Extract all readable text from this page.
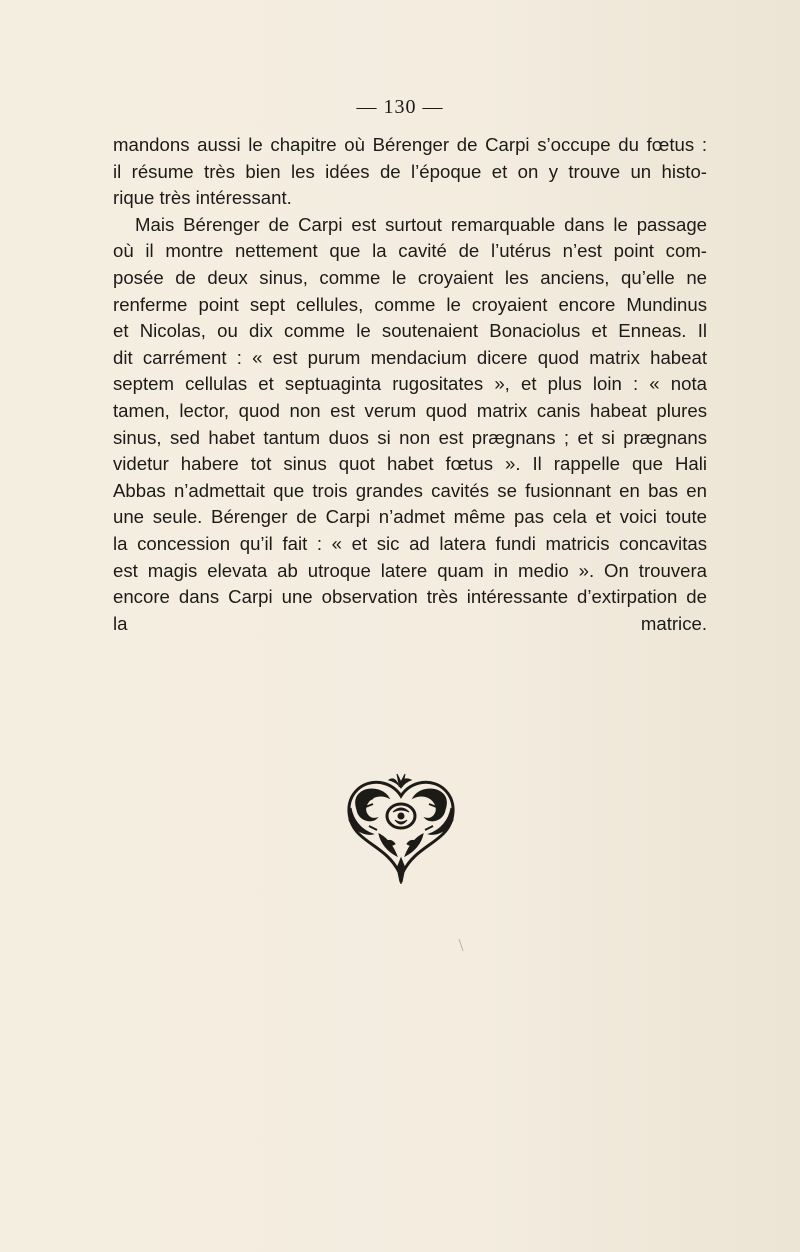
— 130 —
mandons aussi le chapitre où Bérenger de Carpi s’occupe du fœtus :
il résume très bien les idées de l’époque et on y trouve un histo-
rique très intéressant.
Mais Bérenger de Carpi est surtout remarquable dans le passage
où il montre nettement que la cavité de l’utérus n’est point com-
posée de deux sinus, comme le croyaient les anciens, qu’elle ne
renferme point sept cellules, comme le croyaient encore Mundinus
et Nicolas, ou dix comme le soutenaient Bonaciolus et Enneas. Il
dit carrément : « est purum mendacium dicere quod matrix habeat
septem cellulas et septuaginta rugositates », et plus loin : « nota
tamen, lector, quod non est verum quod matrix canis habeat plures
sinus, sed habet tantum duos si non est prægnans ; et si prægnans
videtur habere tot sinus quot habet fœtus ». Il rappelle que Hali
Abbas n’admettait que trois grandes cavités se fusionnant en bas en
une seule. Bérenger de Carpi n’admet même pas cela et voici toute
la concession qu’il fait : « et sic ad latera fundi matricis concavitas
est magis elevata ab utroque latere quam in medio ». On trouvera
encore dans Carpi une observation très intéressante d’extirpation de
la matrice.
